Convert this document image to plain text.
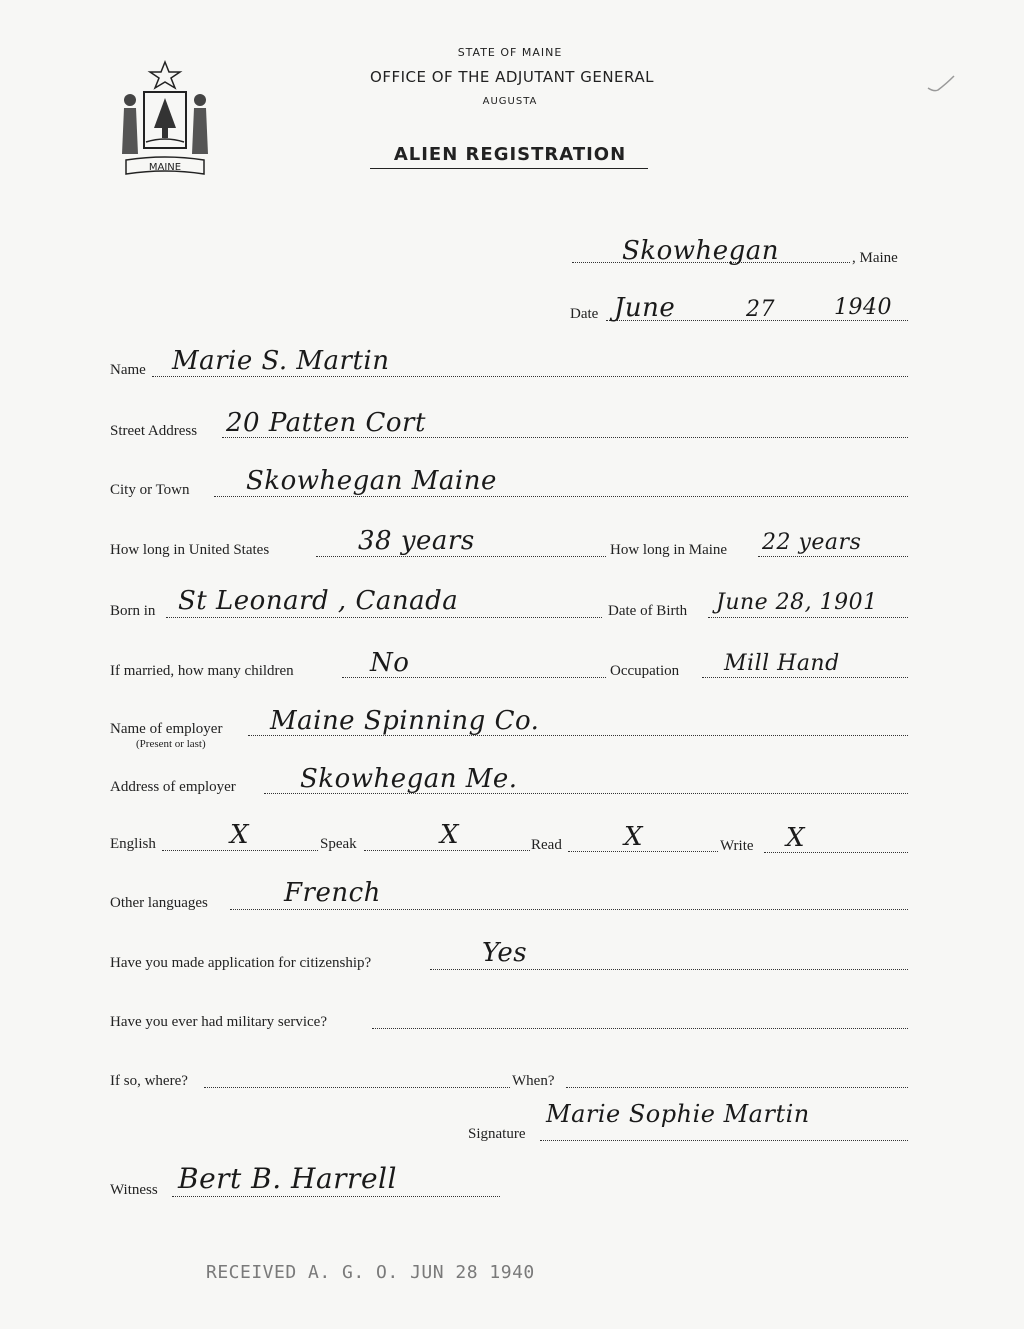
MAINE
STATE OF MAINE
OFFICE OF THE ADJUTANT GENERAL
AUGUSTA
ALIEN REGISTRATION
Skowhegan	, Maine
Date June	27	1940
Name Marie S. Martin
Street Address 20 Patten Cort
City or Town Skowhegan Maine
How long in United States	38 years	How long in Maine 22 years
Born in St Leonard , Canada	Date of Birth June 28, 1901
If married, how many children	No	Occupation Mill Hand
Name of employer
(Present or last)
Maine Spinning Co.
Address of employer Skowhegan Me.
English	X	Speak	X	Read X	Write X
Other languages	French
Have you made application for citizenship?	Yes
Have you ever had military service?
If so, where?	When?
Signature
Marie Sophie Martin
Witness Bert B. Harrell
RECEIVED A. G. O. JUN 28 1940
